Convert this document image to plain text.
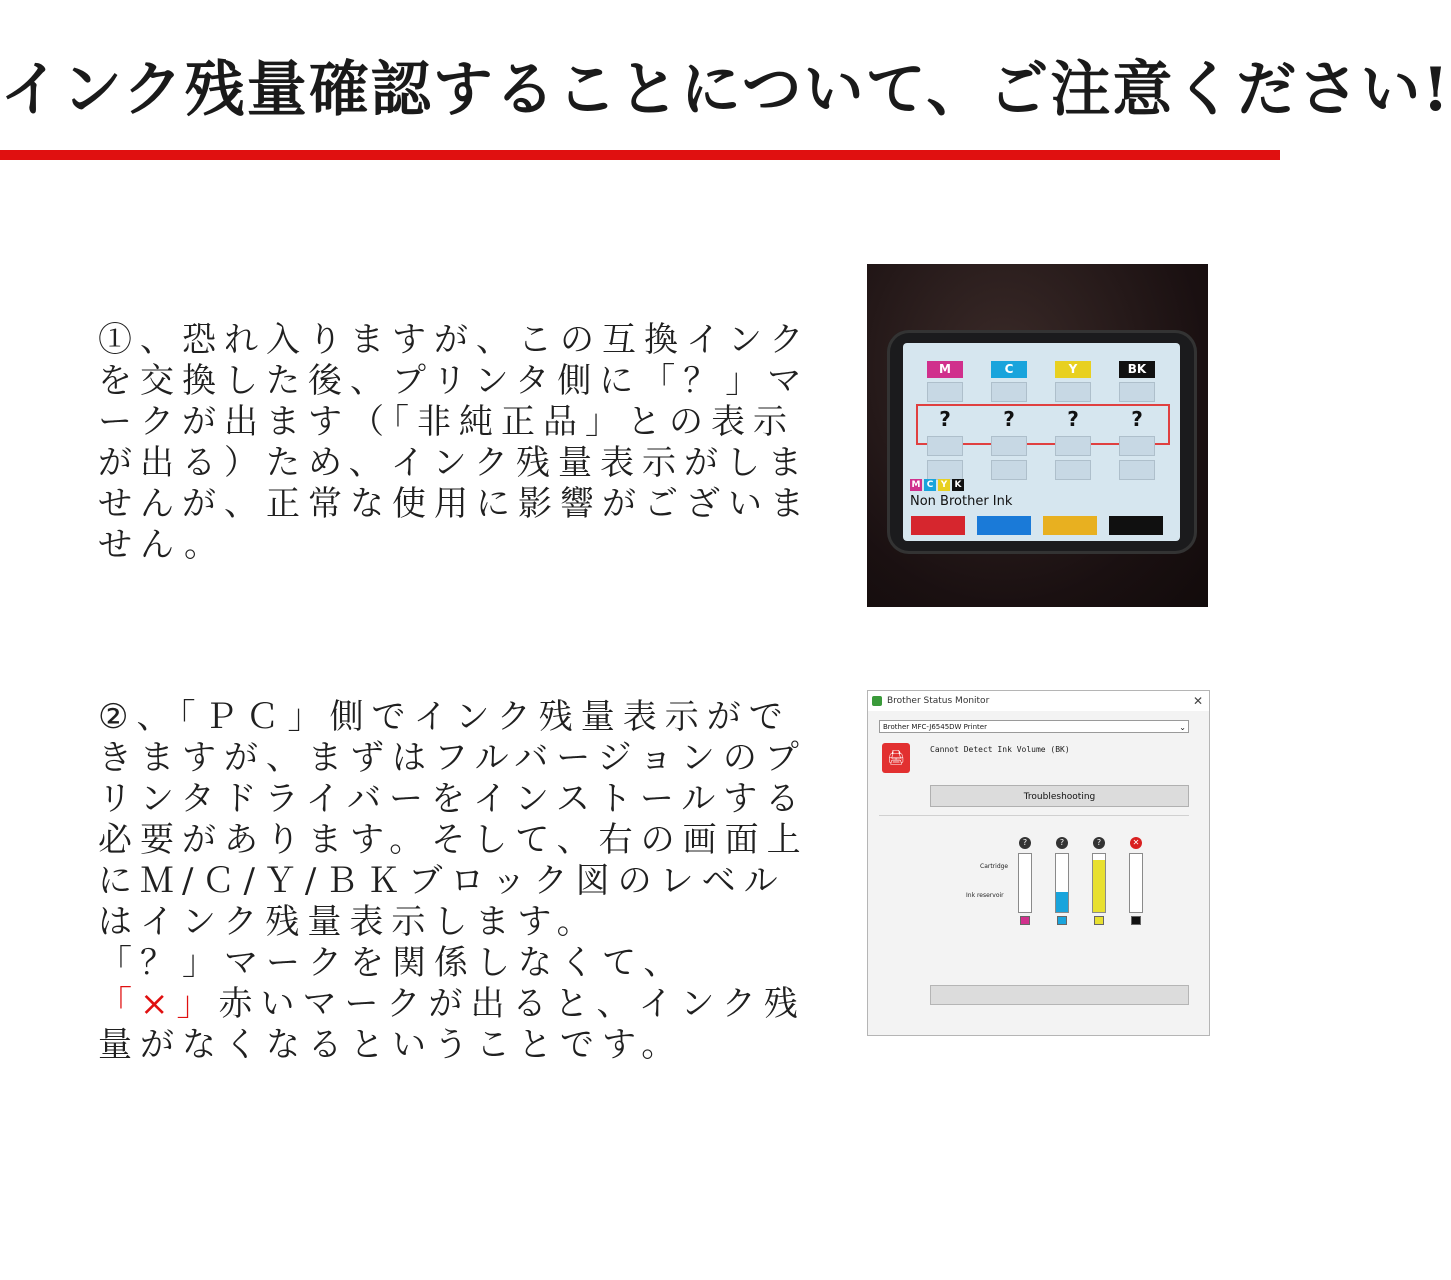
インク残量確認することについて、ご注意ください!

①、恐れ入りますが、この互換インクを交換した後、プリンタ側に「？」マークが出ます（「非純正品」との表示が出る）ため、インク残量表示がしませんが、正常な使用に影響がございません。

②、「ＰＣ」側でインク残量表示ができますが、まずはフルバージョンのプリンタドライバーをインストールする必要があります。そして、右の画面上にＭ/Ｃ/Ｙ/ＢＫブロック図のレベルはインク残量表示します。

「？」マークを関係しなくて、

「×」赤いマークが出ると、インク残量がなくなるということです。

M
?
C
?
Y
?
BK
?
M C Y K
Non Brother Ink
Brother Status Monitor	✕
Brother MFC-J6545DW Printer	⌄
🖨
Cannot Detect Ink Volume (BK)
Troubleshooting
Cartridge
Ink reservoir
?	?	?	✕
